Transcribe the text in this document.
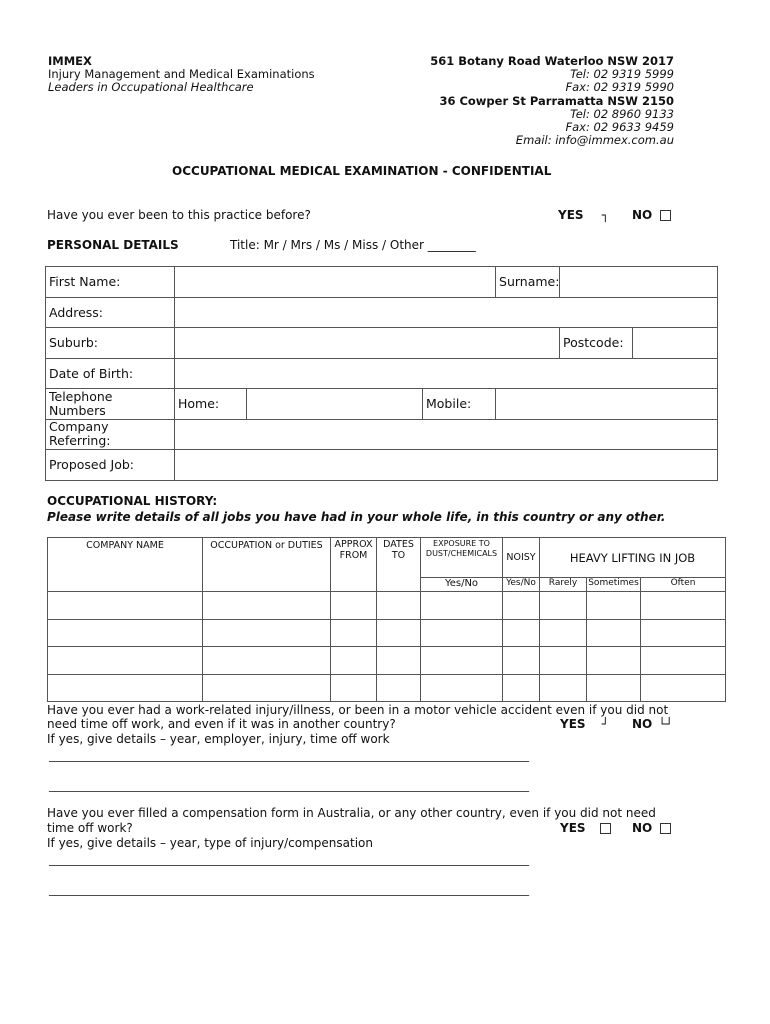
IMMEX
Injury Management and Medical Examinations
Leaders in Occupational Healthcare
561 Botany Road Waterloo NSW 2017
Tel: 02 9319 5999
Fax: 02 9319 5990
36 Cowper St Parramatta NSW 2150
Tel: 02 8960 9133
Fax: 02 9633 9459
Email: info@immex.com.au
OCCUPATIONAL MEDICAL EXAMINATION - CONFIDENTIAL
Have you ever been to this practice before?	YES ┐ NO
PERSONAL DETAILS	Title: Mr / Mrs / Ms / Miss / Other ________
First Name:				Surname:		
Address:						
Suburb:					Postcode:	
Date of Birth:						
Telephone Numbers	Home:		Mobile:			
Company Referring:						
Proposed Job:						
OCCUPATIONAL HISTORY:
Please write details of all jobs you have had in your whole life, in this country or any other.
COMPANY NAME	OCCUPATION or DUTIES	APPROX FROM	DATES TO	EXPOSURE TO DUST/CHEMICALS	NOISY	HEAVY LIFTING IN JOB		
				Yes/No	Yes/No	Rarely	Sometimes	Often

Have you ever had a work-related injury/illness, or been in a motor vehicle accident even if you did not
need time off work, and even if it was in another country?	YES ┘ NO └┘
If yes, give details – year, employer, injury, time off work
________________________________________________________________________________
________________________________________________________________________________
Have you ever filled a compensation form in Australia, or any other country, even if you did not need
time off work?	YES	NO
If yes, give details – year, type of injury/compensation
________________________________________________________________________________
________________________________________________________________________________
